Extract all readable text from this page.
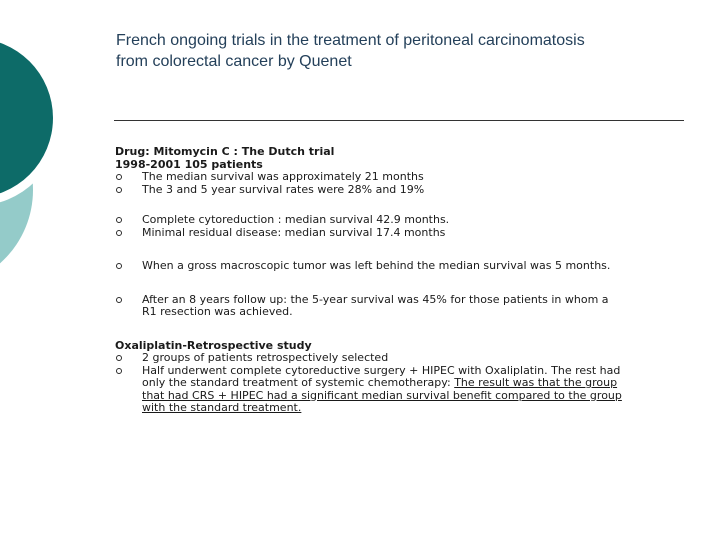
French ongoing trials in the treatment of peritoneal carcinomatosis
from colorectal cancer by Quenet
Drug: Mitomycin C : The Dutch trial
1998-2001 105 patients
The median survival was approximately 21 months
The 3 and 5 year survival rates were 28% and 19%
Complete cytoreduction : median survival 42.9 months.
Minimal residual disease: median survival 17.4 months
When a gross macroscopic tumor was left behind the median survival was 5 months.
After an 8 years follow up: the 5-year survival was 45% for those patients in whom a
R1 resection was achieved.
Oxaliplatin-Retrospective study
2 groups of patients retrospectively selected
Half underwent complete cytoreductive surgery + HIPEC with Oxaliplatin. The rest had
only the standard treatment of systemic chemotherapy: The result was that the group
that had CRS + HIPEC had a significant median survival benefit compared to the group
with the standard treatment.
